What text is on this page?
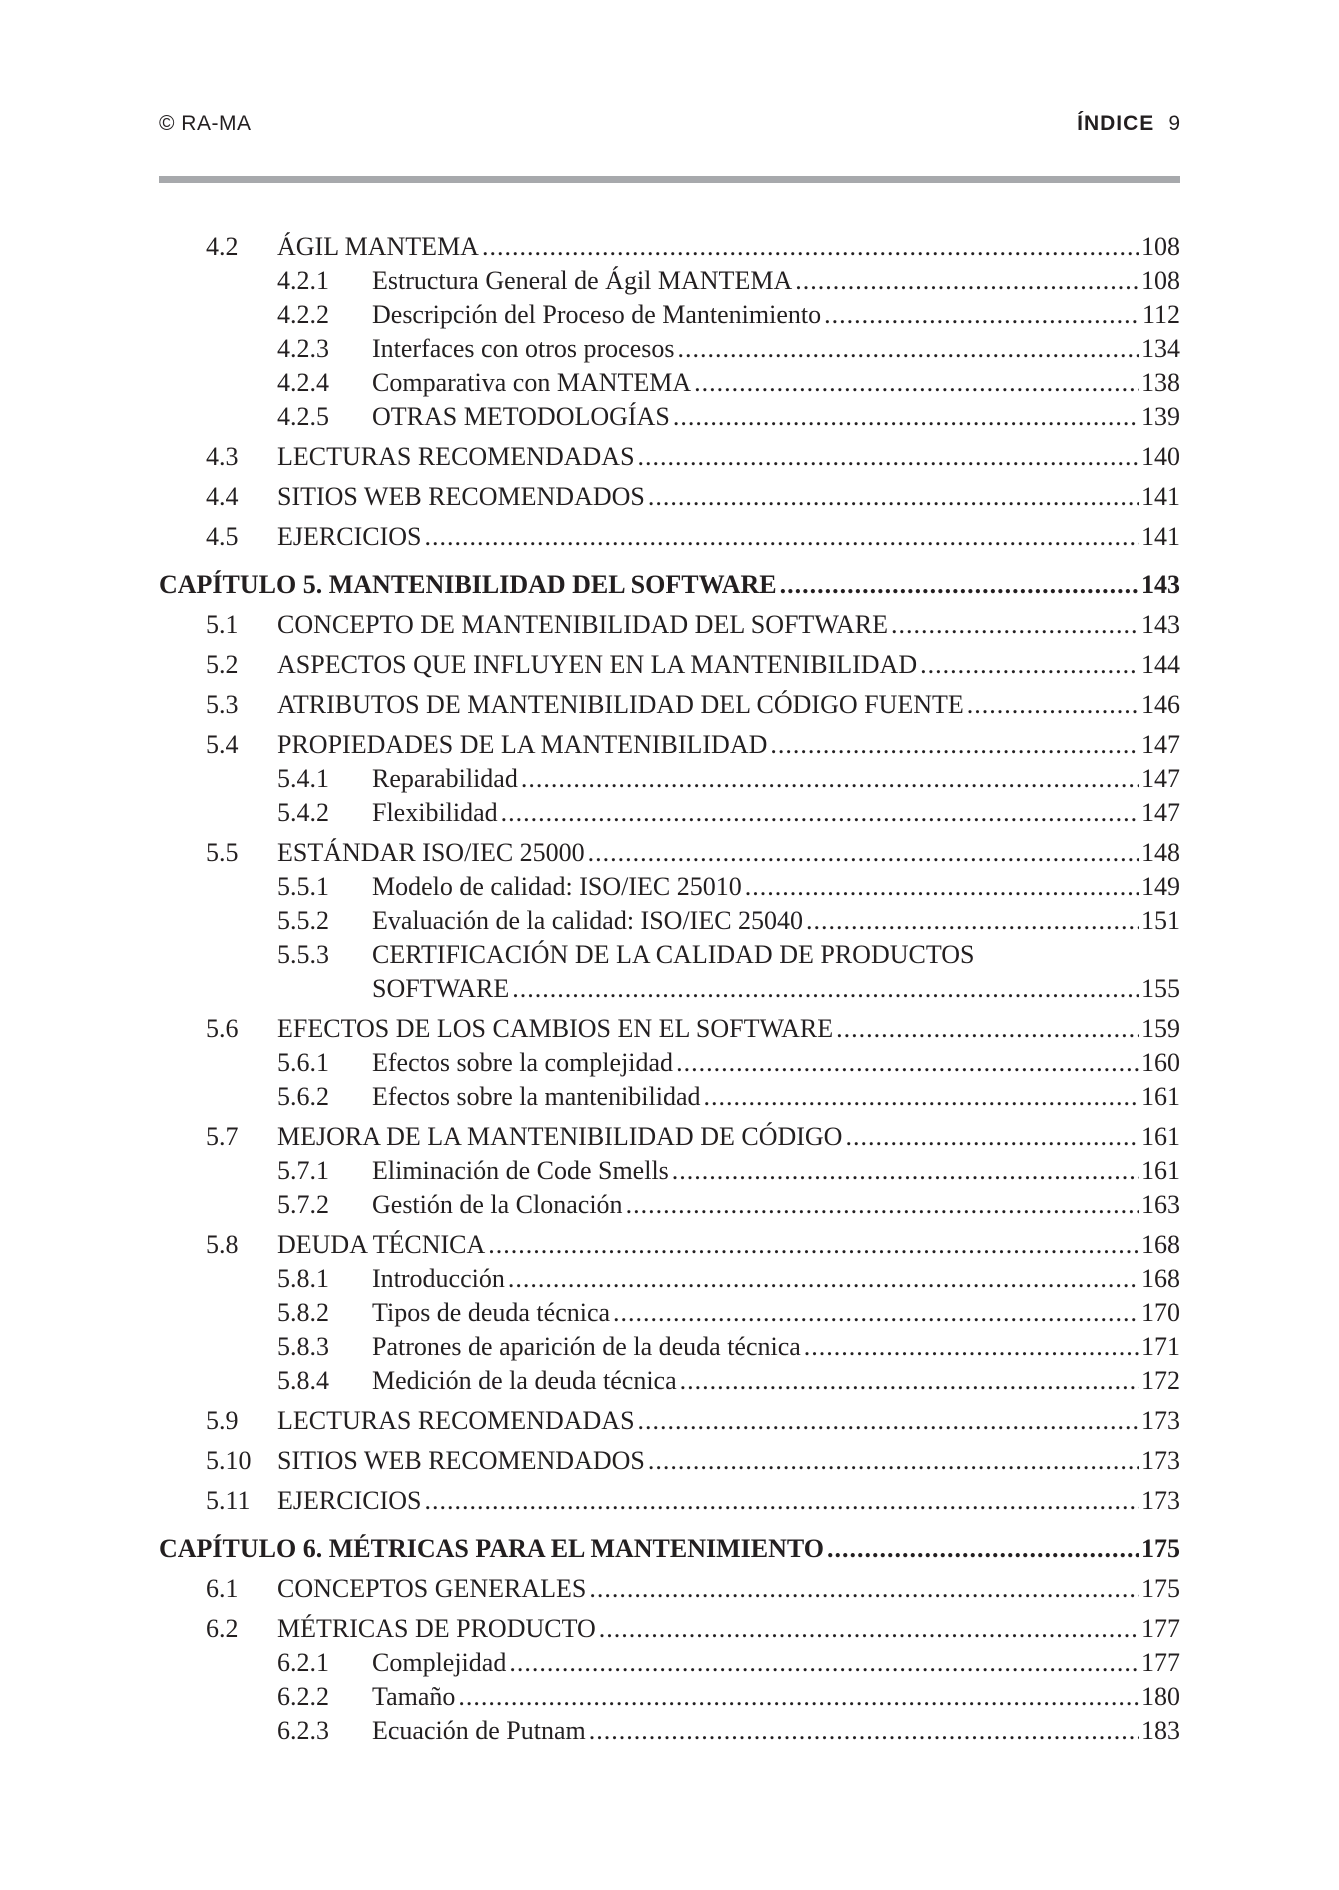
© RA-MA	ÍNDICE 9
4.2	ÁGIL MANTEMA .....	108
4.2.1	Estructura General de Ágil MANTEMA .....	108
4.2.2	Descripción del Proceso de Mantenimiento .....	112
4.2.3	Interfaces con otros procesos .....	134
4.2.4	Comparativa con MANTEMA .....	138
4.2.5	OTRAS METODOLOGÍAS .....	139
4.3	LECTURAS RECOMENDADAS .....	140
4.4	SITIOS WEB RECOMENDADOS .....	141
4.5	EJERCICIOS .....	141
CAPÍTULO 5. MANTENIBILIDAD DEL SOFTWARE .....	143
5.1	CONCEPTO DE MANTENIBILIDAD DEL SOFTWARE .....	143
5.2	ASPECTOS QUE INFLUYEN EN LA MANTENIBILIDAD .....	144
5.3	ATRIBUTOS DE MANTENIBILIDAD DEL CÓDIGO FUENTE .....	146
5.4	PROPIEDADES DE LA MANTENIBILIDAD .....	147
5.4.1	Reparabilidad .....	147
5.4.2	Flexibilidad .....	147
5.5	ESTÁNDAR ISO/IEC 25000 .....	148
5.5.1	Modelo de calidad: ISO/IEC 25010 .....	149
5.5.2	Evaluación de la calidad: ISO/IEC 25040 .....	151
5.5.3	CERTIFICACIÓN DE LA CALIDAD DE PRODUCTOS
SOFTWARE .....	155
5.6	EFECTOS DE LOS CAMBIOS EN EL SOFTWARE .....	159
5.6.1	Efectos sobre la complejidad .....	160
5.6.2	Efectos sobre la mantenibilidad .....	161
5.7	MEJORA DE LA MANTENIBILIDAD DE CÓDIGO .....	161
5.7.1	Eliminación de Code Smells .....	161
5.7.2	Gestión de la Clonación .....	163
5.8	DEUDA TÉCNICA .....	168
5.8.1	Introducción .....	168
5.8.2	Tipos de deuda técnica .....	170
5.8.3	Patrones de aparición de la deuda técnica .....	171
5.8.4	Medición de la deuda técnica .....	172
5.9	LECTURAS RECOMENDADAS .....	173
5.10 SITIOS WEB RECOMENDADOS .....	173
5.11	EJERCICIOS .....	173
CAPÍTULO 6. MÉTRICAS PARA EL MANTENIMIENTO .....	175
6.1	CONCEPTOS GENERALES .....	175
6.2	MÉTRICAS DE PRODUCTO .....	177
6.2.1	Complejidad .....	177
6.2.2	Tamaño .....	180
6.2.3	Ecuación de Putnam .....	183
